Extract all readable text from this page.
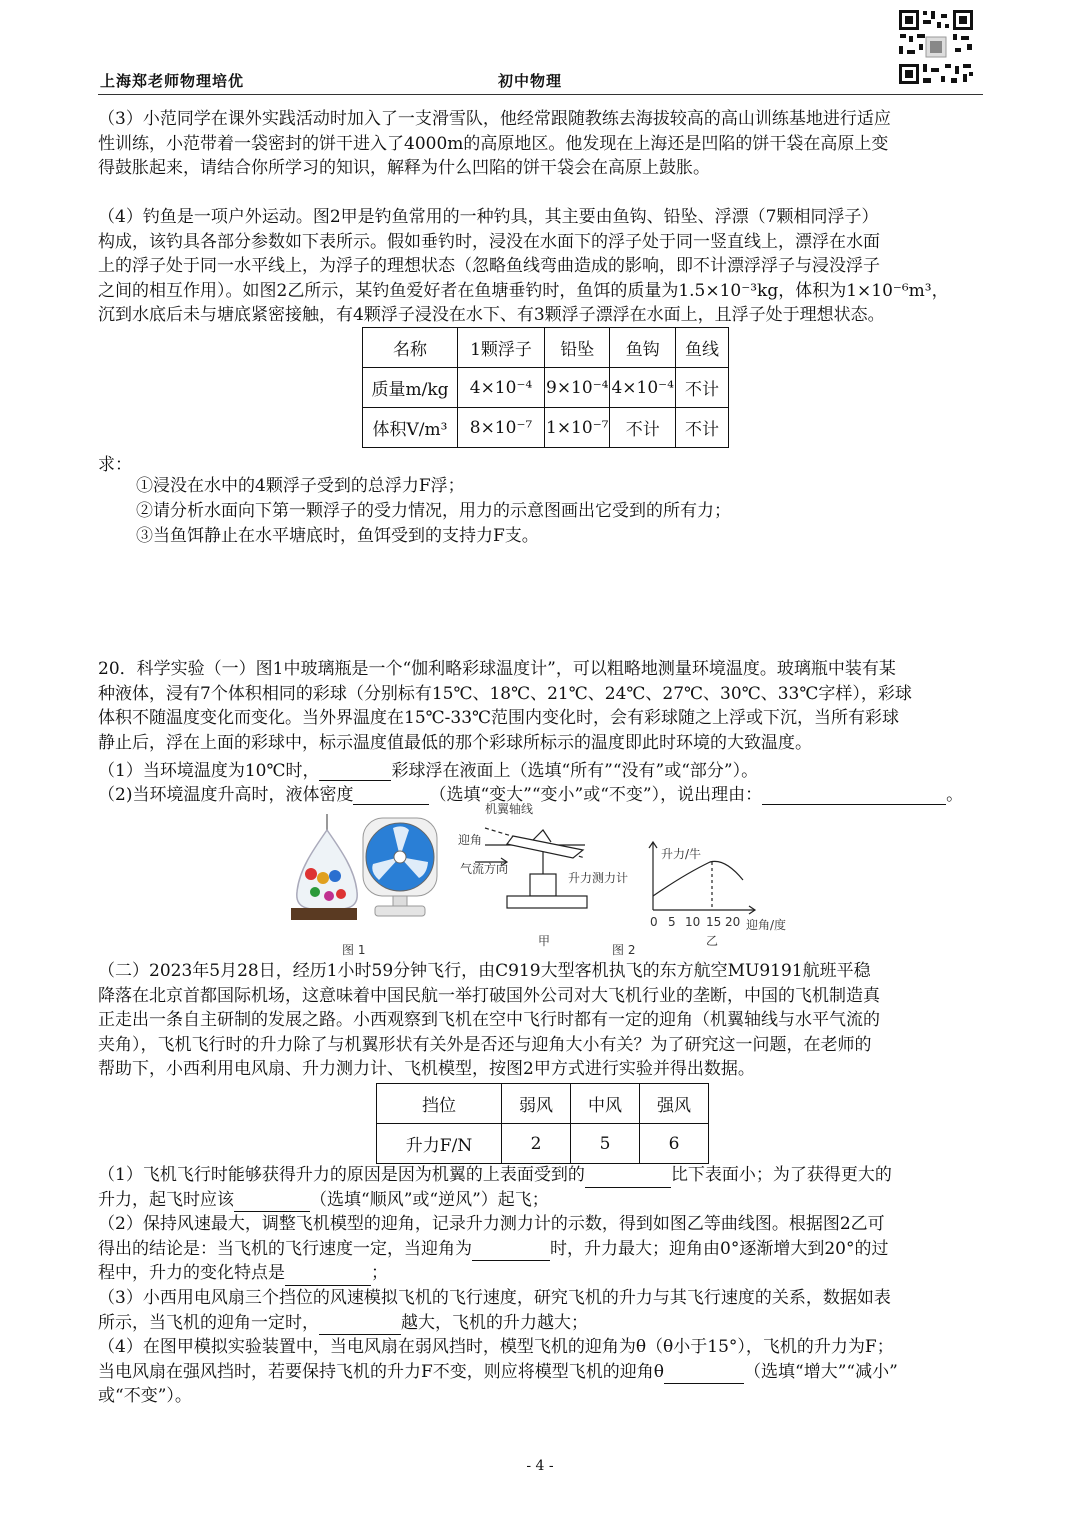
上海郑老师物理培优	初中物理
（3）小范同学在课外实践活动时加入了一支滑雪队，他经常跟随教练去海拔较高的高山训练基地进行适应
性训练，小范带着一袋密封的饼干进入了4000m的高原地区。他发现在上海还是凹陷的饼干袋在高原上变
得鼓胀起来，请结合你所学习的知识，解释为什么凹陷的饼干袋会在高原上鼓胀。
（4）钓鱼是一项户外运动。图2甲是钓鱼常用的一种钓具，其主要由鱼钩、铅坠、浮漂（7颗相同浮子）
构成，该钓具各部分参数如下表所示。假如垂钓时，浸没在水面下的浮子处于同一竖直线上，漂浮在水面
上的浮子处于同一水平线上，为浮子的理想状态（忽略鱼线弯曲造成的影响，即不计漂浮浮子与浸没浮子
之间的相互作用）。如图2乙所示，某钓鱼爱好者在鱼塘垂钓时，鱼饵的质量为1.5×10⁻³kg，体积为1×10⁻⁶m³，
沉到水底后未与塘底紧密接触，有4颗浮子浸没在水下、有3颗浮子漂浮在水面上，且浮子处于理想状态。
名称	1颗浮子	铅坠	鱼钩	鱼线
质量m/kg	4×10⁻⁴	9×10⁻⁴	4×10⁻⁴	不计
体积V/m³	8×10⁻⁷	1×10⁻⁷	不计	不计
求：
①浸没在水中的4颗浮子受到的总浮力F浮；
②请分析水面向下第一颗浮子的受力情况，用力的示意图画出它受到的所有力；
③当鱼饵静止在水平塘底时，鱼饵受到的支持力F支。
20．科学实验（一）图1中玻璃瓶是一个“伽利略彩球温度计”，可以粗略地测量环境温度。玻璃瓶中装有某
种液体，浸有7个体积相同的彩球（分别标有15℃、18℃、21℃、24℃、27℃、30℃、33℃字样），彩球
体积不随温度变化而变化。当外界温度在15℃-33℃范围内变化时，会有彩球随之上浮或下沉，当所有彩球
静止后，浮在上面的彩球中，标示温度值最低的那个彩球所标示的温度即此时环境的大致温度。
（1）当环境温度为10℃时，	彩球浮在液面上（选填“所有”“没有”或“部分”）。
（2)当环境温度升高时，液体密度	（选填“变大”“变小”或“不变”），说出理由：	。
机翼轴线
迎角
气流方向
升力测力计
升力/牛
0 5 10 15 20 迎角/度
乙
甲
图 1	图 2
（二）2023年5月28日，经历1小时59分钟飞行，由C919大型客机执飞的东方航空MU9191航班平稳
降落在北京首都国际机场，这意味着中国民航一举打破国外公司对大飞机行业的垄断，中国的飞机制造真
正走出一条自主研制的发展之路。小西观察到飞机在空中飞行时都有一定的迎角（机翼轴线与水平气流的
夹角），飞机飞行时的升力除了与机翼形状有关外是否还与迎角大小有关？为了研究这一问题，在老师的
帮助下，小西利用电风扇、升力测力计、飞机模型，按图2甲方式进行实验并得出数据。
挡位	弱风	中风	强风
升力F/N	2	5	6
（1）飞机飞行时能够获得升力的原因是因为机翼的上表面受到的	比下表面小；为了获得更大的
升力，起飞时应该	（选填“顺风”或“逆风”）起飞；
（2）保持风速最大，调整飞机模型的迎角，记录升力测力计的示数，得到如图乙等曲线图。根据图2乙可
得出的结论是：当飞机的飞行速度一定，当迎角为	时，升力最大；迎角由0°逐渐增大到20°的过
程中，升力的变化特点是	；
（3）小西用电风扇三个挡位的风速模拟飞机的飞行速度，研究飞机的升力与其飞行速度的关系，数据如表
所示，当飞机的迎角一定时，	越大，飞机的升力越大；
（4）在图甲模拟实验装置中，当电风扇在弱风挡时，模型飞机的迎角为θ（θ小于15°），飞机的升力为F；
当电风扇在强风挡时，若要保持飞机的升力F不变，则应将模型飞机的迎角θ	（选填“增大”“减小”
或“不变”）。
- 4 -
